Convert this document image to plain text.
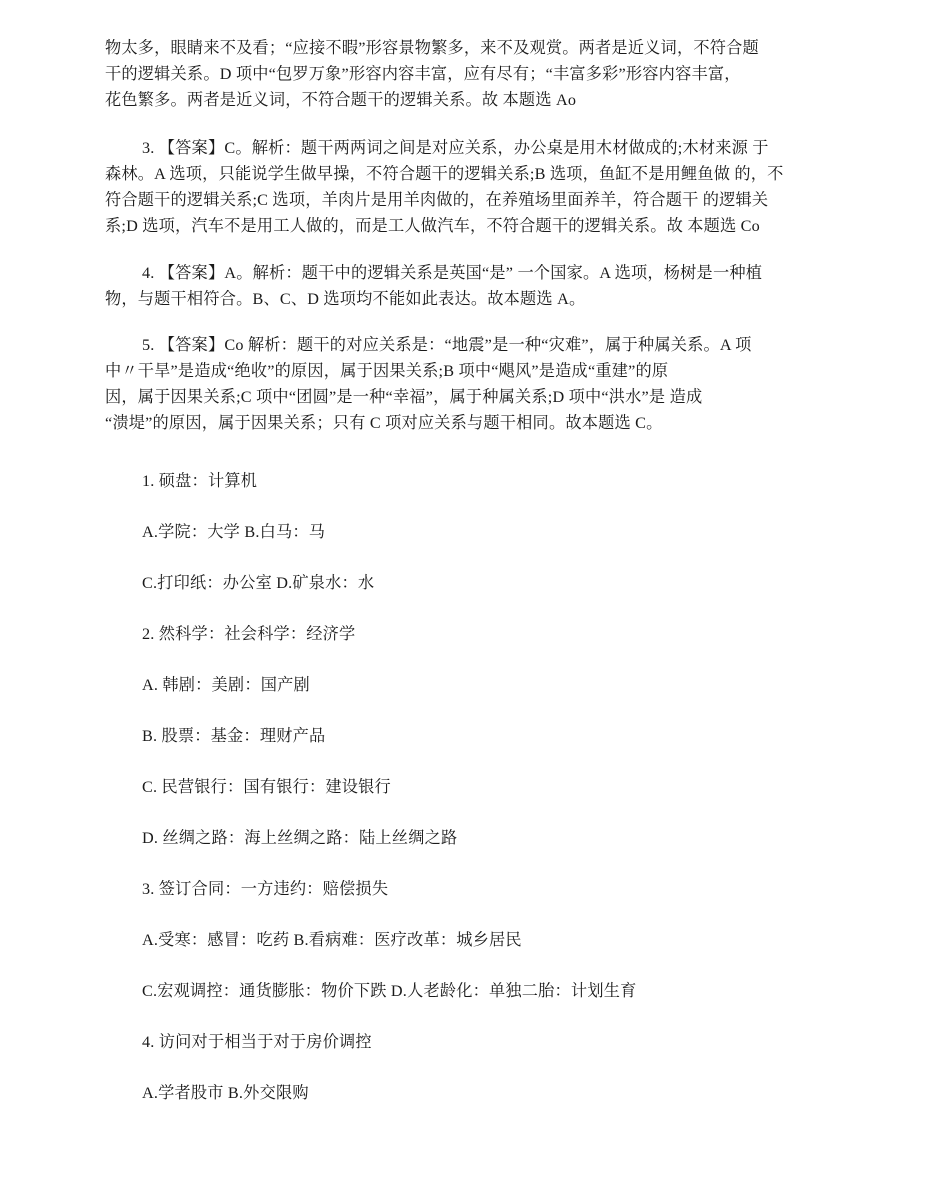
物太多，眼睛来不及看；“应接不暇”形容景物繁多，来不及观赏。两者是近义词，不符合题
干的逻辑关系。D 项中“包罗万象”形容内容丰富，应有尽有；“丰富多彩”形容内容丰富，
花色繁多。两者是近义词，不符合题干的逻辑关系。故 本题选 Ao
3. 【答案】C。解析：题干两两词之间是对应关系，办公桌是用木材做成的;木材来源 于
森林。A 选项，只能说学生做早操，不符合题干的逻辑关系;B 选项，鱼缸不是用鲤鱼做 的，不
符合题干的逻辑关系;C 选项，羊肉片是用羊肉做的，在养殖场里面养羊，符合题干 的逻辑关
系;D 选项，汽车不是用工人做的，而是工人做汽车，不符合题干的逻辑关系。故 本题选 Co
4. 【答案】A。解析：题干中的逻辑关系是英国“是” 一个国家。A 选项，杨树是一种植
物，与题干相符合。B、C、D 选项均不能如此表达。故本题选 A。
5. 【答案】Co 解析：题干的对应关系是：“地震”是一种“灾难”，属于种属关系。A 项
中〃干旱”是造成“绝收”的原因，属于因果关系;B 项中“飓风”是造成“重建”的原
因，属于因果关系;C 项中“团圆”是一种“幸福”，属于种属关系;D 项中“洪水”是 造成
“溃堤”的原因，属于因果关系；只有 C 项对应关系与题干相同。故本题选 C。
1. 硕盘：计算机
A.学院：大学 B.白马：马
C.打印纸：办公室 D.矿泉水：水
2. 然科学：社会科学：经济学
A. 韩剧：美剧：国产剧
B. 股票：基金：理财产品
C. 民营银行：国有银行：建设银行
D. 丝绸之路：海上丝绸之路：陆上丝绸之路
3. 签订合同：一方违约：赔偿损失
A.受寒：感冒：吃药 B.看病难：医疗改革：城乡居民
C.宏观调控：通货膨胀：物价下跌 D.人老龄化：单独二胎：计划生育
4. 访问对于相当于对于房价调控
A.学者股市 B.外交限购
